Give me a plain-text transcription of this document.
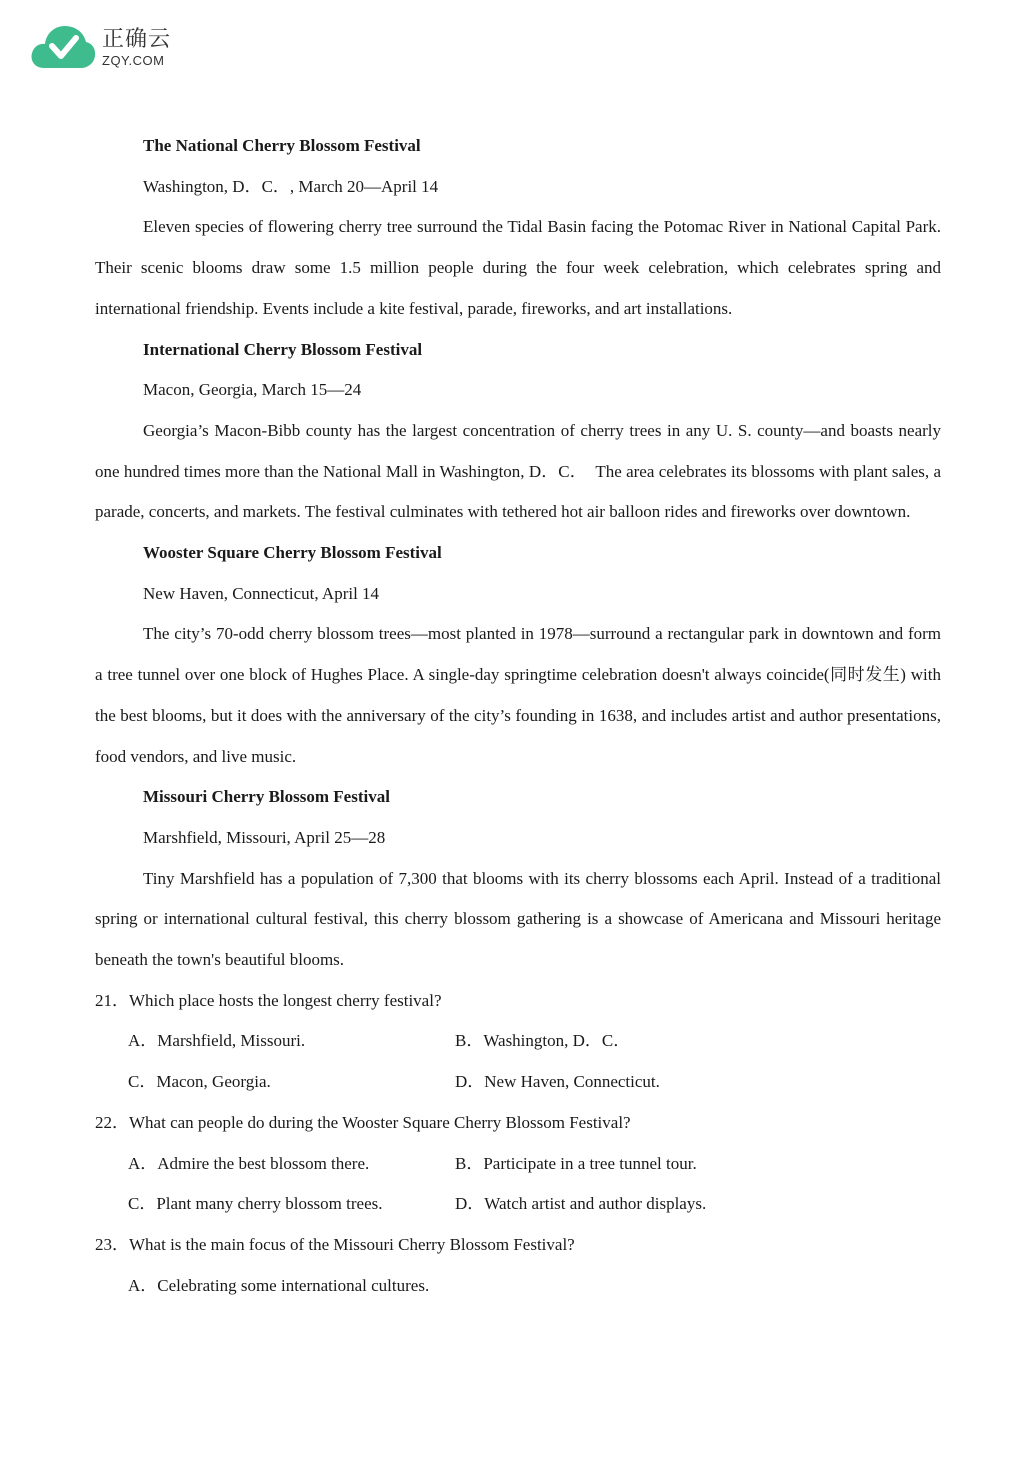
正确云
ZQY.COM

The National Cherry Blossom Festival

Washington, D．C．, March 20—April 14

Eleven species of flowering cherry tree surround the Tidal Basin facing the Potomac River in National Capital Park. Their scenic blooms draw some 1.5 million people during the four week celebration, which celebrates spring and international friendship. Events include a kite festival, parade, fireworks, and art installations.

International Cherry Blossom Festival

Macon, Georgia, March 15—24

Georgia’s Macon-Bibb county has the largest concentration of cherry trees in any U. S. county—and boasts nearly one hundred times more than the National Mall in Washington, D．C．　The area celebrates its blossoms with plant sales, a parade, concerts, and markets. The festival culminates with tethered hot air balloon rides and fireworks over downtown.

Wooster Square Cherry Blossom Festival

New Haven, Connecticut, April 14

The city’s 70-odd cherry blossom trees—most planted in 1978—surround a rectangular park in downtown and form a tree tunnel over one block of Hughes Place. A single-day springtime celebration doesn't always coincide(同时发生) with the best blooms, but it does with the anniversary of the city’s founding in 1638, and includes artist and author presentations, food vendors, and live music.

Missouri Cherry Blossom Festival

Marshfield, Missouri, April 25—28

Tiny Marshfield has a population of 7,300 that blooms with its cherry blossoms each April. Instead of a traditional spring or international cultural festival, this cherry blossom gathering is a showcase of Americana and Missouri heritage beneath the town's beautiful blooms.

21．Which place hosts the longest cherry festival?

A．Marshfield, Missouri.	B．Washington, D．C．
C．Macon, Georgia.	D．New Haven, Connecticut.

22．What can people do during the Wooster Square Cherry Blossom Festival?

A．Admire the best blossom there.	B．Participate in a tree tunnel tour.
C．Plant many cherry blossom trees.	D．Watch artist and author displays.

23．What is the main focus of the Missouri Cherry Blossom Festival?

A．Celebrating some international cultures.
